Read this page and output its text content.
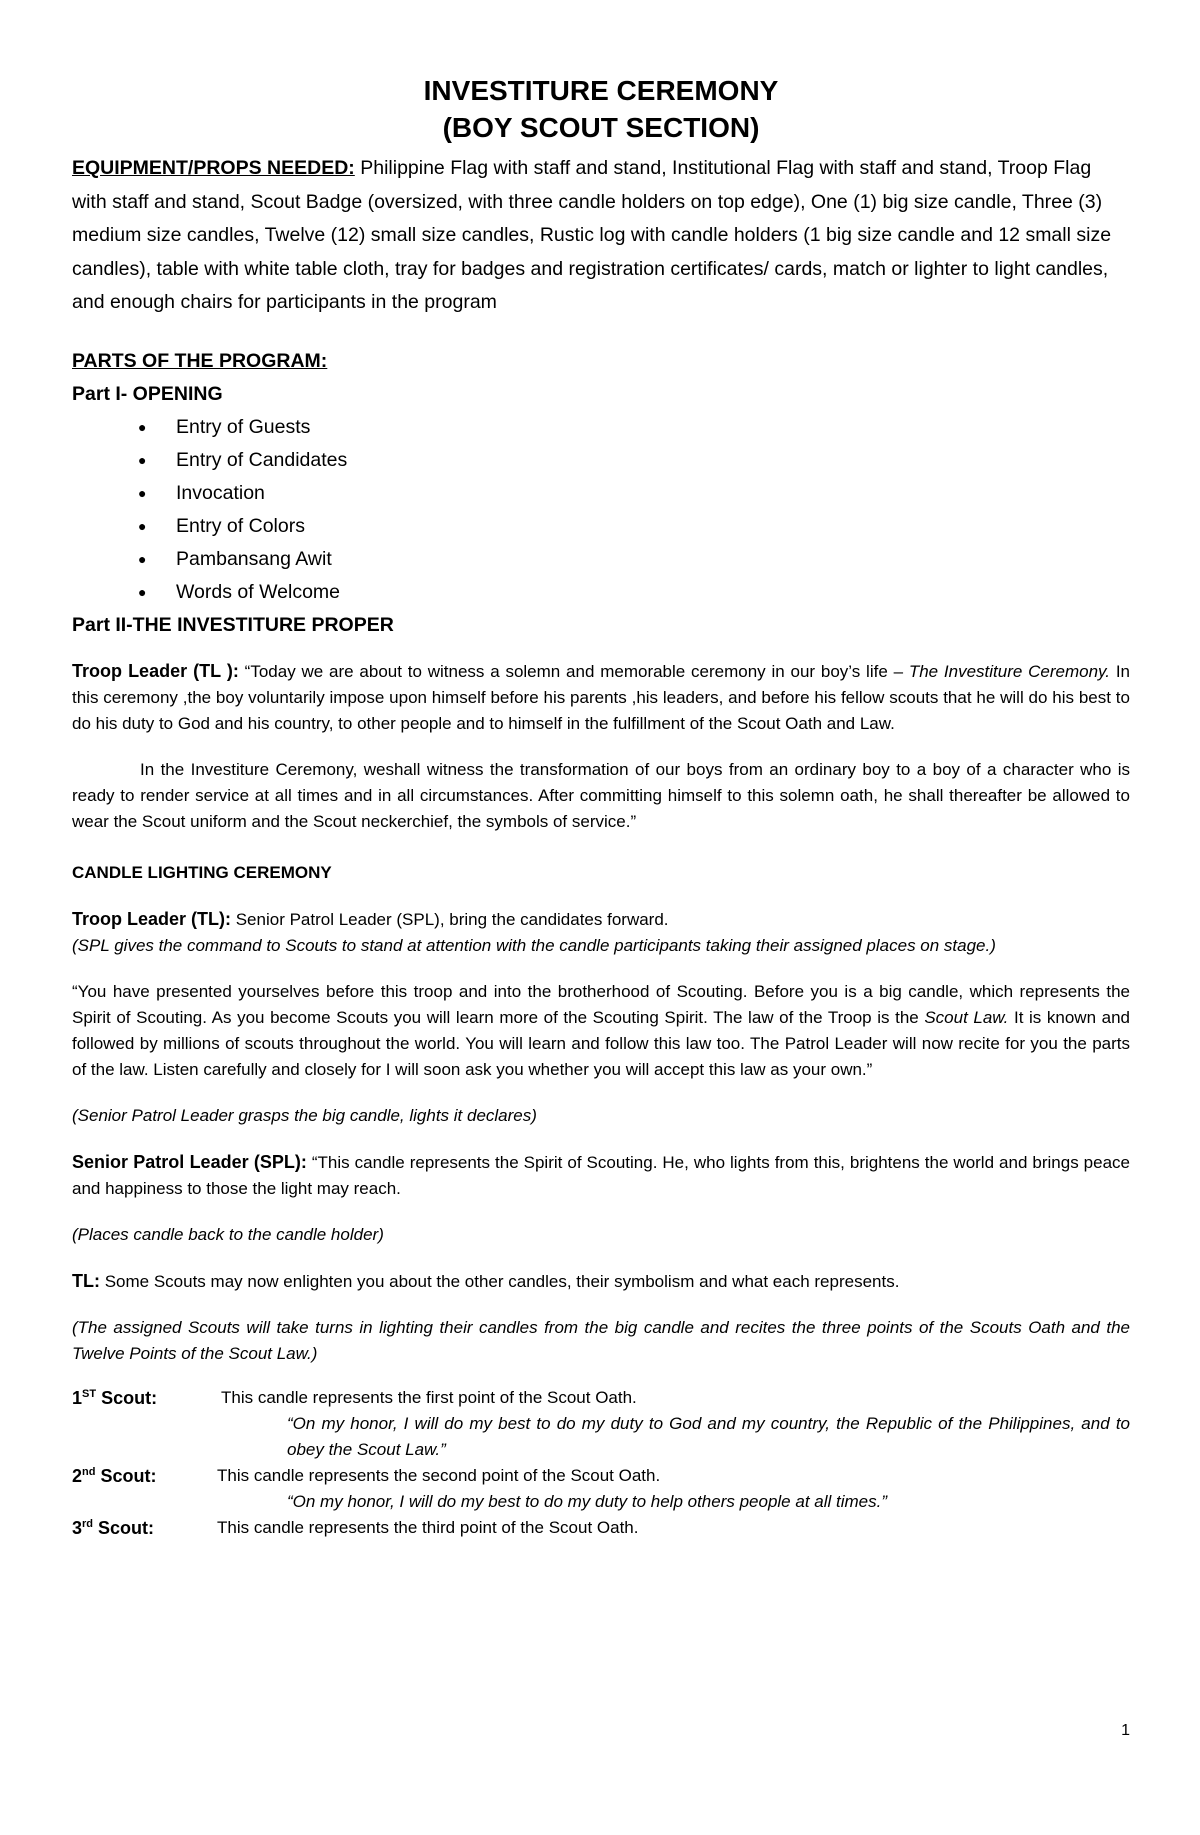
INVESTITURE CEREMONY
(BOY SCOUT SECTION)
EQUIPMENT/PROPS NEEDED: Philippine Flag with staff and stand, Institutional Flag with staff and stand, Troop Flag with staff and stand, Scout Badge (oversized, with three candle holders on top edge), One (1) big size candle, Three (3) medium size candles, Twelve (12) small size candles, Rustic log with candle holders (1 big size candle and 12 small size candles), table with white table cloth, tray for badges and registration certificates/ cards, match or lighter to light candles, and enough chairs for participants in the program
PARTS OF THE PROGRAM:
Part I- OPENING
● Entry of Guests
● Entry of Candidates
● Invocation
● Entry of Colors
● Pambansang Awit
● Words of Welcome
Part II-THE INVESTITURE PROPER
Troop Leader (TL ): “Today we are about to witness a solemn and memorable ceremony in our boy’s life – The Investiture Ceremony. In this ceremony ,the boy voluntarily impose upon himself before his parents ,his leaders, and before his fellow scouts that he will do his best to do his duty to God and his country, to other people and to himself in the fulfillment of the Scout Oath and Law.
In the Investiture Ceremony, weshall witness the transformation of our boys from an ordinary boy to a boy of a character who is ready to render service at all times and in all circumstances. After committing himself to this solemn oath, he shall thereafter be allowed to wear the Scout uniform and the Scout neckerchief, the symbols of service.”
CANDLE LIGHTING CEREMONY
Troop Leader (TL): Senior Patrol Leader (SPL), bring the candidates forward.
(SPL gives the command to Scouts to stand at attention with the candle participants taking their assigned places on stage.)
“You have presented yourselves before this troop and into the brotherhood of Scouting. Before you is a big candle, which represents the Spirit of Scouting. As you become Scouts you will learn more of the Scouting Spirit. The law of the Troop is the Scout Law. It is known and followed by millions of scouts throughout the world. You will learn and follow this law too. The Patrol Leader will now recite for you the parts of the law. Listen carefully and closely for I will soon ask you whether you will accept this law as your own.”
(Senior Patrol Leader grasps the big candle, lights it declares)
Senior Patrol Leader (SPL): “This candle represents the Spirit of Scouting. He, who lights from this, brightens the world and brings peace and happiness to those the light may reach.
(Places candle back to the candle holder)
TL: Some Scouts may now enlighten you about the other candles, their symbolism and what each represents.
(The assigned Scouts will take turns in lighting their candles from the big candle and recites the three points of the Scouts Oath and the Twelve Points of the Scout Law.)
1ST Scout:	This candle represents the first point of the Scout Oath.
“On my honor, I will do my best to do my duty to God and my country, the Republic of the Philippines, and to obey the Scout Law.”
2nd Scout:	This candle represents the second point of the Scout Oath.
“On my honor, I will do my best to do my duty to help others people at all times.”
3rd Scout:	This candle represents the third point of the Scout Oath.
1
